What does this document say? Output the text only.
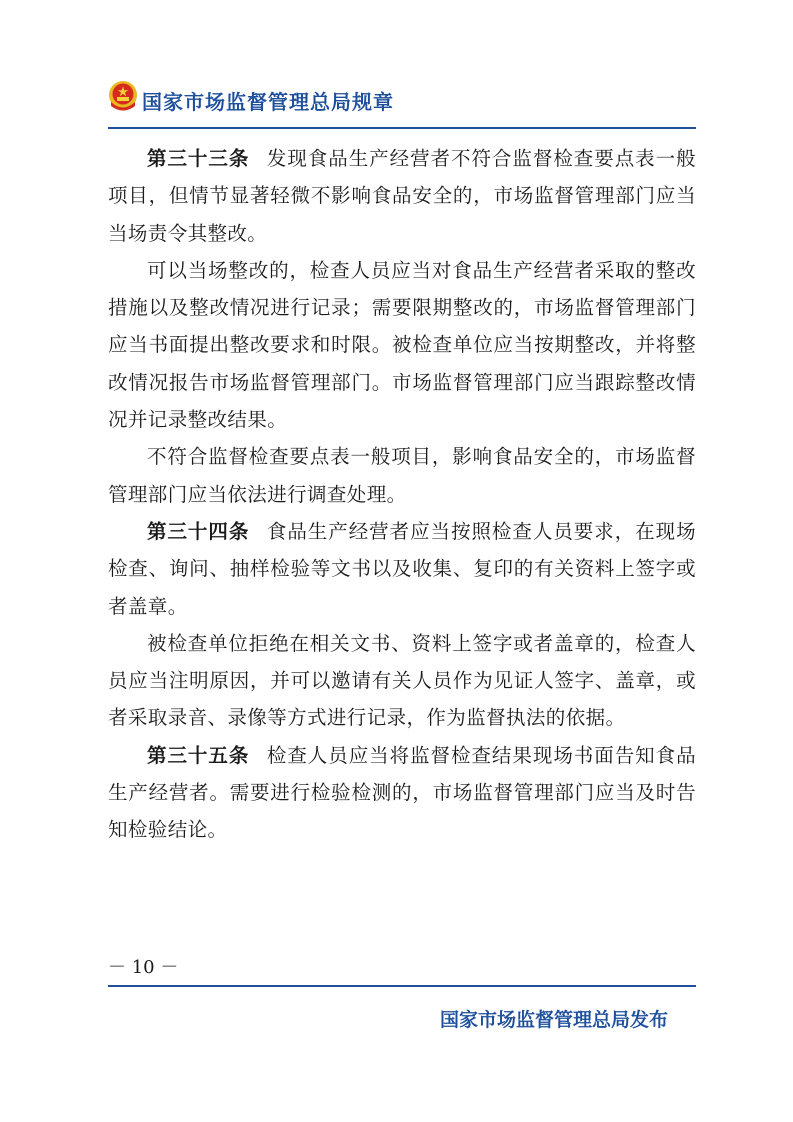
国家市场监督管理总局规章

第三十三条 发现食品生产经营者不符合监督检查要点表一般项目，但情节显著轻微不影响食品安全的，市场监督管理部门应当当场责令其整改。

可以当场整改的，检查人员应当对食品生产经营者采取的整改措施以及整改情况进行记录；需要限期整改的，市场监督管理部门应当书面提出整改要求和时限。被检查单位应当按期整改，并将整改情况报告市场监督管理部门。市场监督管理部门应当跟踪整改情况并记录整改结果。

不符合监督检查要点表一般项目，影响食品安全的，市场监督管理部门应当依法进行调查处理。

第三十四条 食品生产经营者应当按照检查人员要求，在现场检查、询问、抽样检验等文书以及收集、复印的有关资料上签字或者盖章。

被检查单位拒绝在相关文书、资料上签字或者盖章的，检查人员应当注明原因，并可以邀请有关人员作为见证人签字、盖章，或者采取录音、录像等方式进行记录，作为监督执法的依据。

第三十五条 检查人员应当将监督检查结果现场书面告知食品生产经营者。需要进行检验检测的，市场监督管理部门应当及时告知检验结论。

－ 10 －
国家市场监督管理总局发布
